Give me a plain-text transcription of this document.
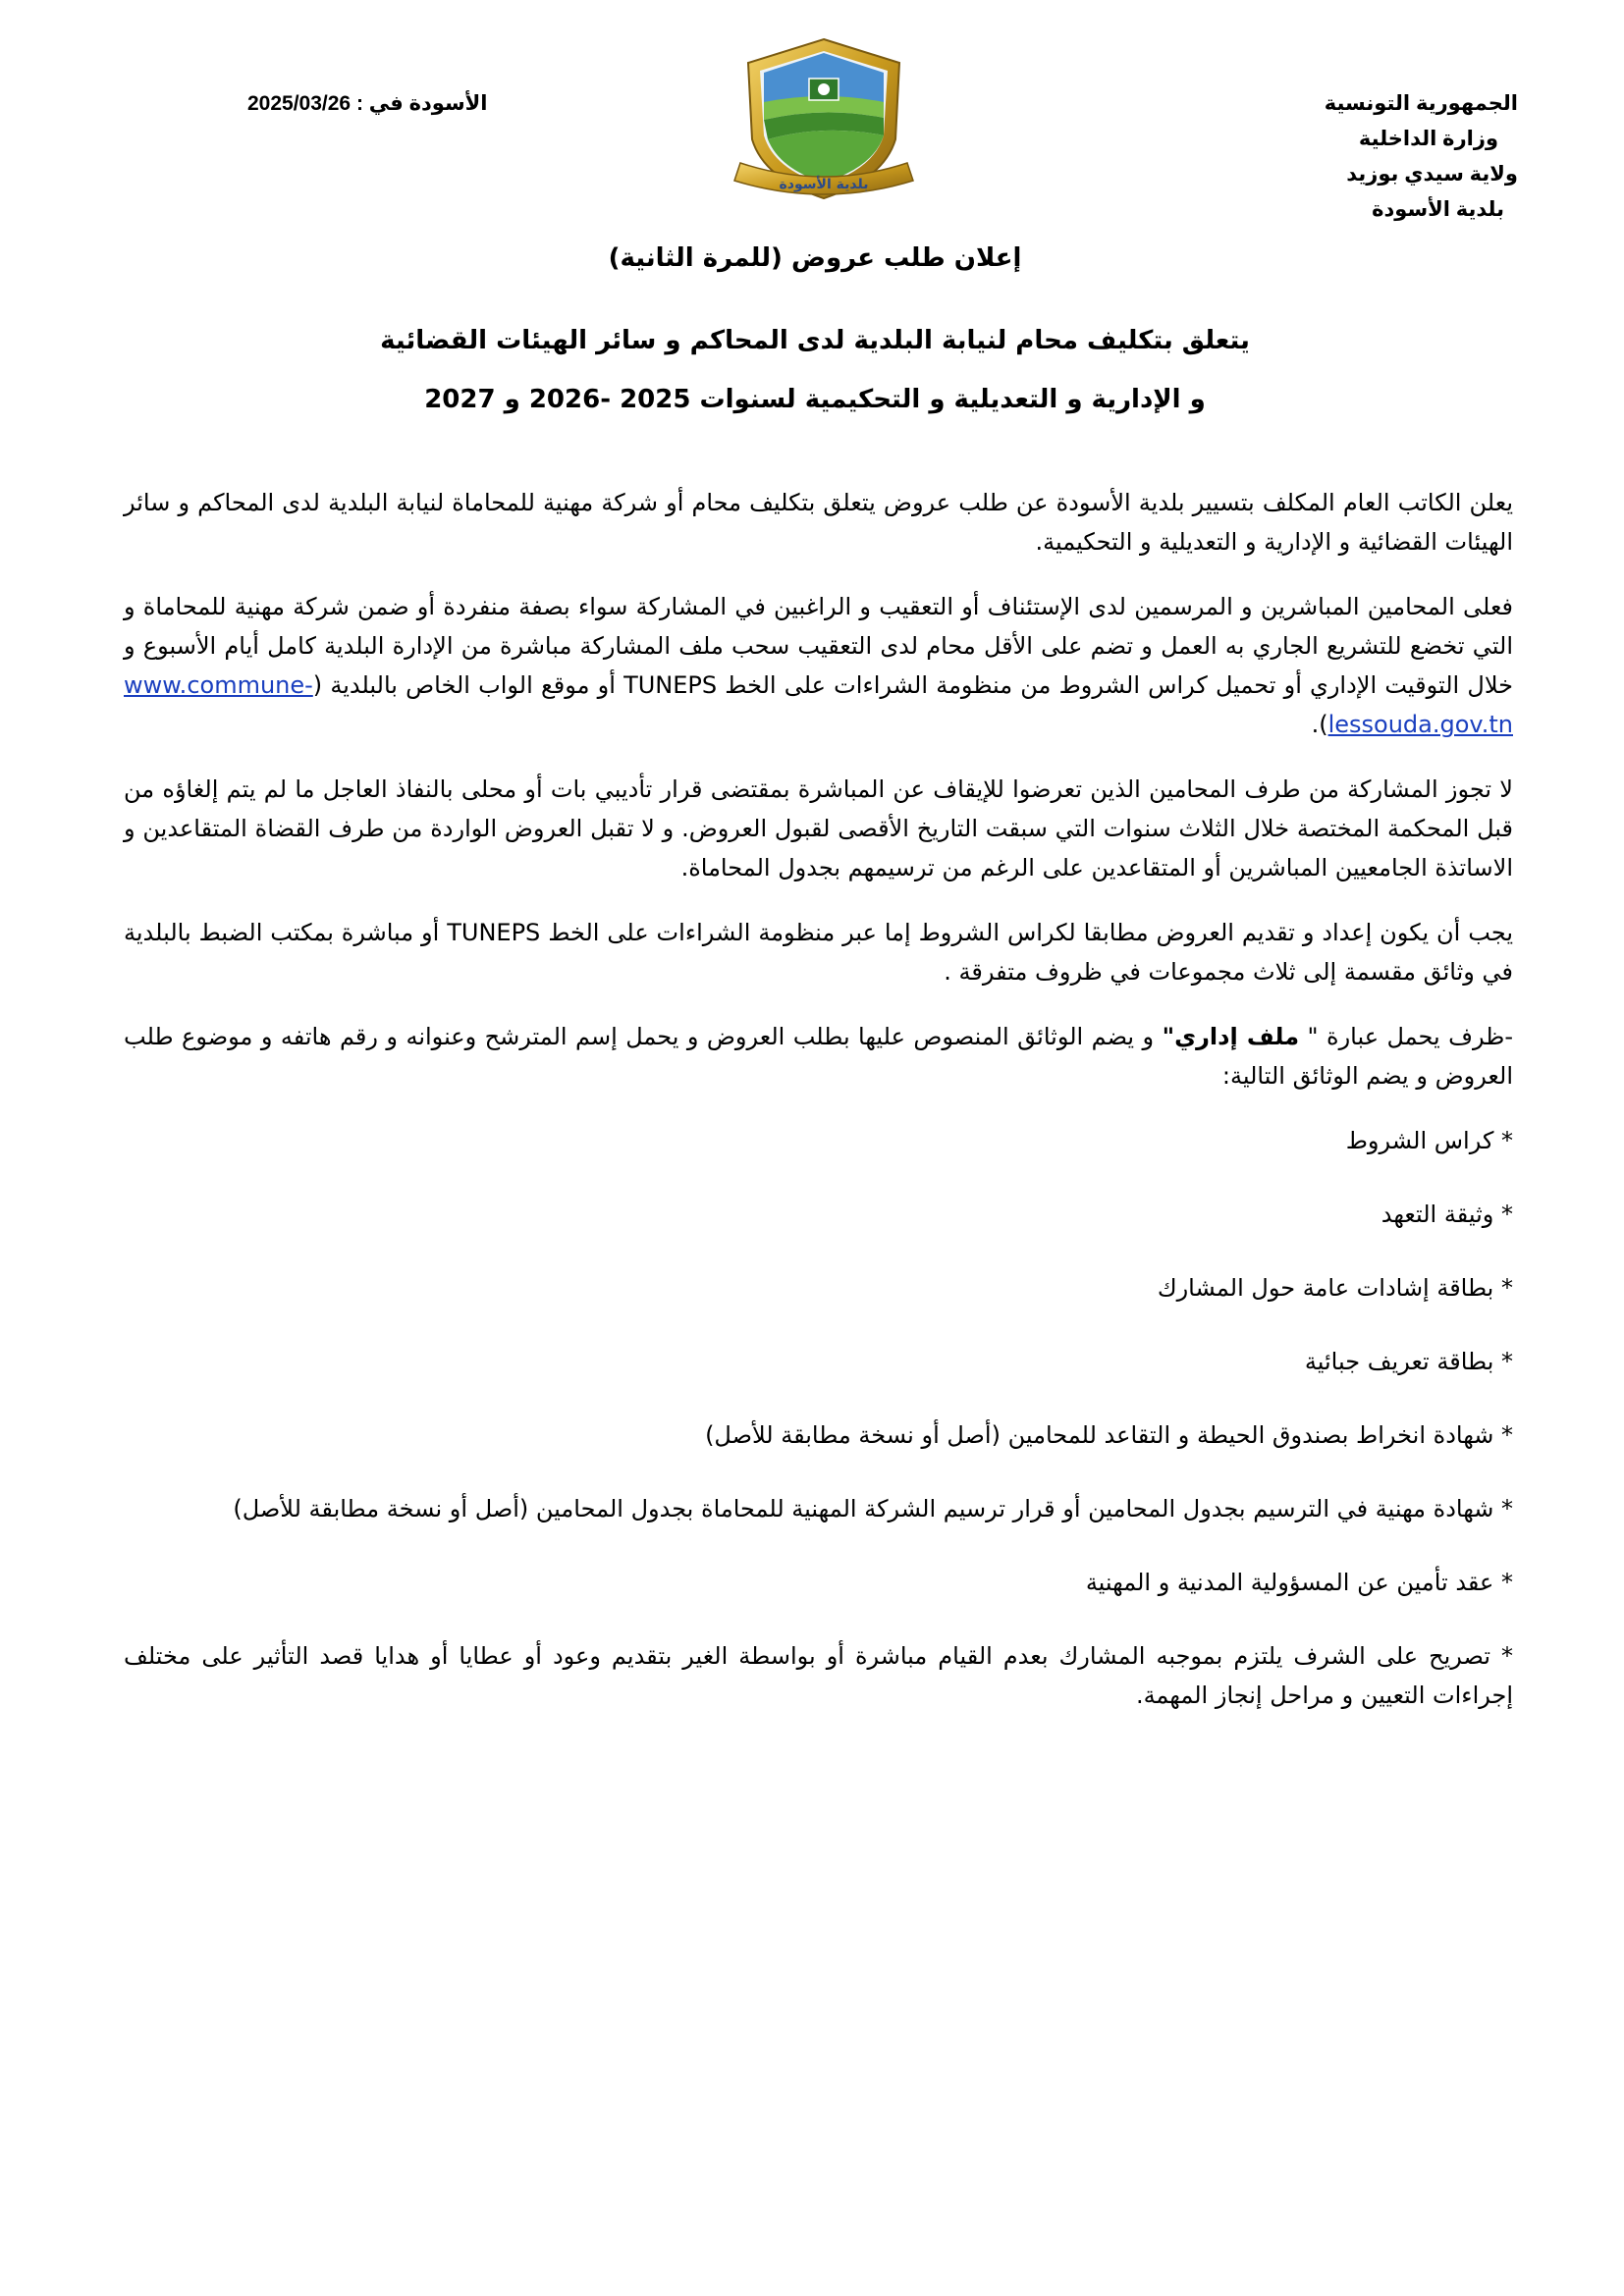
الجمهورية التونسية
وزارة الداخلية
ولاية سيدي بوزيد
بلدية الأسودة
الأسودة في : 2025/03/26
بلدية الأسودة
إعلان طلب عروض (للمرة الثانية)
يتعلق بتكليف محام لنيابة البلدية لدى المحاكم و سائر الهيئات القضائية
و الإدارية و التعديلية و التحكيمية لسنوات 2025 -2026 و 2027

يعلن الكاتب العام المكلف بتسيير بلدية الأسودة عن طلب عروض يتعلق بتكليف محام أو شركة مهنية للمحاماة لنيابة البلدية لدى المحاكم و سائر الهيئات القضائية و الإدارية و التعديلية و التحكيمية.

فعلى المحامين المباشرين و المرسمين لدى الإستئناف أو التعقيب و الراغبين في المشاركة سواء بصفة منفردة أو ضمن شركة مهنية للمحاماة و التي تخضع للتشريع الجاري به العمل و تضم على الأقل محام لدى التعقيب سحب ملف المشاركة مباشرة من الإدارة البلدية كامل أيام الأسبوع و خلال التوقيت الإداري أو تحميل كراس الشروط من منظومة الشراءات على الخط TUNEPS أو موقع الواب الخاص بالبلدية (www.commune-lessouda.gov.tn).

لا تجوز المشاركة من طرف المحامين الذين تعرضوا للإيقاف عن المباشرة بمقتضى قرار تأديبي بات أو محلى بالنفاذ العاجل ما لم يتم إلغاؤه من قبل المحكمة المختصة خلال الثلاث سنوات التي سبقت التاريخ الأقصى لقبول العروض. و لا تقبل العروض الواردة من طرف القضاة المتقاعدين و الاساتذة الجامعيين المباشرين أو المتقاعدين على الرغم من ترسيمهم بجدول المحاماة.

يجب أن يكون إعداد و تقديم العروض مطابقا لكراس الشروط إما عبر منظومة الشراءات على الخط TUNEPS أو مباشرة بمكتب الضبط بالبلدية في وثائق مقسمة إلى ثلاث مجموعات في ظروف متفرقة .

-ظرف يحمل عبارة " ملف إداري" و يضم الوثائق المنصوص عليها بطلب العروض و يحمل إسم المترشح وعنوانه و رقم هاتفه و موضوع طلب العروض و يضم الوثائق التالية:

* كراس الشروط

* وثيقة التعهد

* بطاقة إشادات عامة حول المشارك

* بطاقة تعريف جبائية

* شهادة انخراط بصندوق الحيطة و التقاعد للمحامين (أصل أو نسخة مطابقة للأصل)

* شهادة مهنية في الترسيم بجدول المحامين أو قرار ترسيم الشركة المهنية للمحاماة بجدول المحامين (أصل أو نسخة مطابقة للأصل)

* عقد تأمين عن المسؤولية المدنية و المهنية

* تصريح على الشرف يلتزم بموجبه المشارك بعدم القيام مباشرة أو بواسطة الغير بتقديم وعود أو عطايا أو هدايا قصد التأثير على مختلف إجراءات التعيين و مراحل إنجاز المهمة.
